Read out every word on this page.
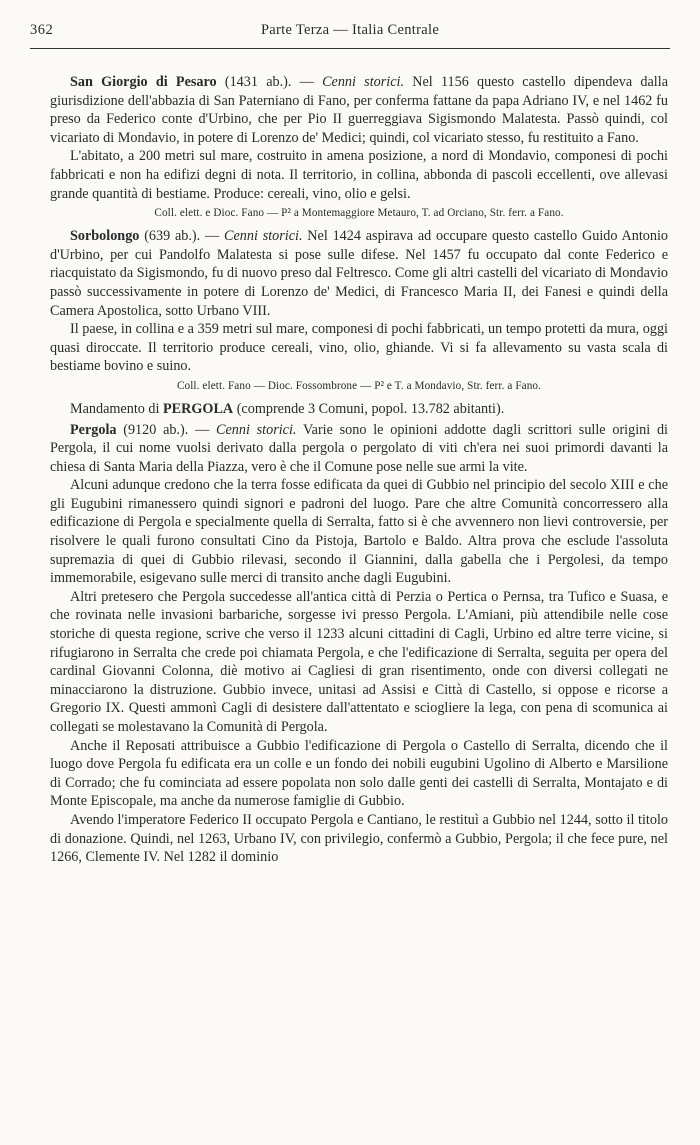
362	Parte Terza — Italia Centrale

San Giorgio di Pesaro (1431 ab.). — Cenni storici. Nel 1156 questo castello dipendeva dalla giurisdizione dell'abbazia di San Paterniano di Fano, per conferma fattane da papa Adriano IV, e nel 1462 fu preso da Federico conte d'Urbino, che per Pio II guerreggiava Sigismondo Malatesta. Passò quindi, col vicariato di Mondavio, in potere di Lorenzo de' Medici; quindi, col vicariato stesso, fu restituito a Fano.

L'abitato, a 200 metri sul mare, costruito in amena posizione, a nord di Mondavio, componesi di pochi fabbricati e non ha edifizi degni di nota. Il territorio, in collina, abbonda di pascoli eccellenti, ove allevasi grande quantità di bestiame. Produce: cereali, vino, olio e gelsi.

Coll. elett. e Dioc. Fano — P² a Montemaggiore Metauro, T. ad Orciano, Str. ferr. a Fano.

Sorbolongo (639 ab.). — Cenni storici. Nel 1424 aspirava ad occupare questo castello Guido Antonio d'Urbino, per cui Pandolfo Malatesta si pose sulle difese. Nel 1457 fu occupato dal conte Federico e riacquistato da Sigismondo, fu di nuovo preso dal Feltresco. Come gli altri castelli del vicariato di Mondavio passò successivamente in potere di Lorenzo de' Medici, di Francesco Maria II, dei Fanesi e quindi della Camera Apostolica, sotto Urbano VIII.

Il paese, in collina e a 359 metri sul mare, componesi di pochi fabbricati, un tempo protetti da mura, oggi quasi diroccate. Il territorio produce cereali, vino, olio, ghiande. Vi si fa allevamento su vasta scala di bestiame bovino e suino.

Coll. elett. Fano — Dioc. Fossombrone — P² e T. a Mondavio, Str. ferr. a Fano.

Mandamento di PERGOLA (comprende 3 Comuni, popol. 13.782 abitanti).

Pergola (9120 ab.). — Cenni storici. Varie sono le opinioni addotte dagli scrittori sulle origini di Pergola, il cui nome vuolsi derivato dalla pergola o pergolato di viti ch'era nei suoi primordi davanti la chiesa di Santa Maria della Piazza, vero è che il Comune pose nelle sue armi la vite.

Alcuni adunque credono che la terra fosse edificata da quei di Gubbio nel principio del secolo XIII e che gli Eugubini rimanessero quindi signori e padroni del luogo. Pare che altre Comunità concorressero alla edificazione di Pergola e specialmente quella di Serralta, fatto si è che avvennero non lievi controversie, per risolvere le quali furono consultati Cino da Pistoja, Bartolo e Baldo. Altra prova che esclude l'assoluta supremazia di quei di Gubbio rilevasi, secondo il Giannini, dalla gabella che i Pergolesi, da tempo immemorabile, esigevano sulle merci di transito anche dagli Eugubini.

Altri pretesero che Pergola succedesse all'antica città di Perzia o Pertica o Pernsa, tra Tufico e Suasa, e che rovinata nelle invasioni barbariche, sorgesse ivi presso Pergola. L'Amiani, più attendibile nelle cose storiche di questa regione, scrive che verso il 1233 alcuni cittadini di Cagli, Urbino ed altre terre vicine, si rifugiarono in Serralta che crede poi chiamata Pergola, e che l'edificazione di Serralta, seguita per opera del cardinal Giovanni Colonna, diè motivo ai Cagliesi di gran risentimento, onde con diversi collegati ne minacciarono la distruzione. Gubbio invece, unitasi ad Assisi e Città di Castello, si oppose e ricorse a Gregorio IX. Questi ammonì Cagli di desistere dall'attentato e sciogliere la lega, con pena di scomunica ai collegati se molestavano la Comunità di Pergola.

Anche il Reposati attribuisce a Gubbio l'edificazione di Pergola o Castello di Serralta, dicendo che il luogo dove Pergola fu edificata era un colle e un fondo dei nobili eugubini Ugolino di Alberto e Marsilione di Corrado; che fu cominciata ad essere popolata non solo dalle genti dei castelli di Serralta, Montajato e di Monte Episcopale, ma anche da numerose famiglie di Gubbio.

Avendo l'imperatore Federico II occupato Pergola e Cantiano, le restituì a Gubbio nel 1244, sotto il titolo di donazione. Quindi, nel 1263, Urbano IV, con privilegio, confermò a Gubbio, Pergola; il che fece pure, nel 1266, Clemente IV. Nel 1282 il dominio
